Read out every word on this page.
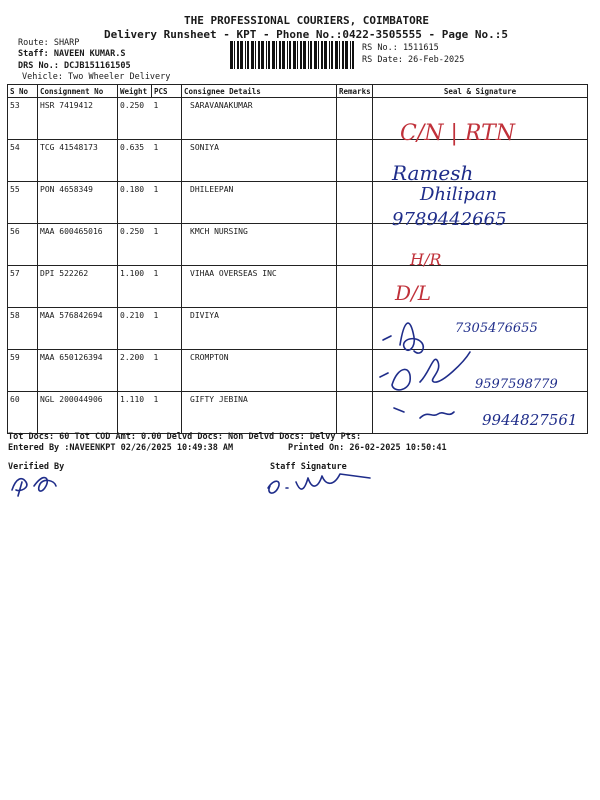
THE PROFESSIONAL COURIERS, COIMBATORE
Delivery Runsheet - KPT - Phone No.:0422-3505555 - Page No.:5
Route: SHARP
Staff: NAVEEN KUMAR.S
DRS No.: DCJB151161505
Vehicle: Two Wheeler Delivery
RS No.: 1511615
RS Date: 26-Feb-2025
S No	Consignment No	Weight	PCS	Consignee Details	Remarks	Seal & Signature
53	HSR 7419412	0.250	1	SARAVANAKUMAR		
54	TCG 41548173	0.635	1	SONIYA		
55	PON 4658349	0.180	1	DHILEEPAN		
56	MAA 600465016	0.250	1	KMCH NURSING		
57	DPI 522262	1.100	1	VIHAA OVERSEAS INC		
58	MAA 576842694	0.210	1	DIVIYA		
59	MAA 650126394	2.200	1	CROMPTON		
60	NGL 200044906	1.110	1	GIFTY JEBINA		
C/N | RTN
Ramesh
Dhilipan
9789442665
H/R
D/L
7305476655
9597598779
9944827561
Tot Docs: 60 Tot COD Amt: 0.00 Delvd Docs: Non Delvd Docs: Delvy Pts:
Entered By :NAVEENKPT 02/26/2025 10:49:38 AM	Printed On: 26-02-2025 10:50:41
Verified By	Staff Signature
